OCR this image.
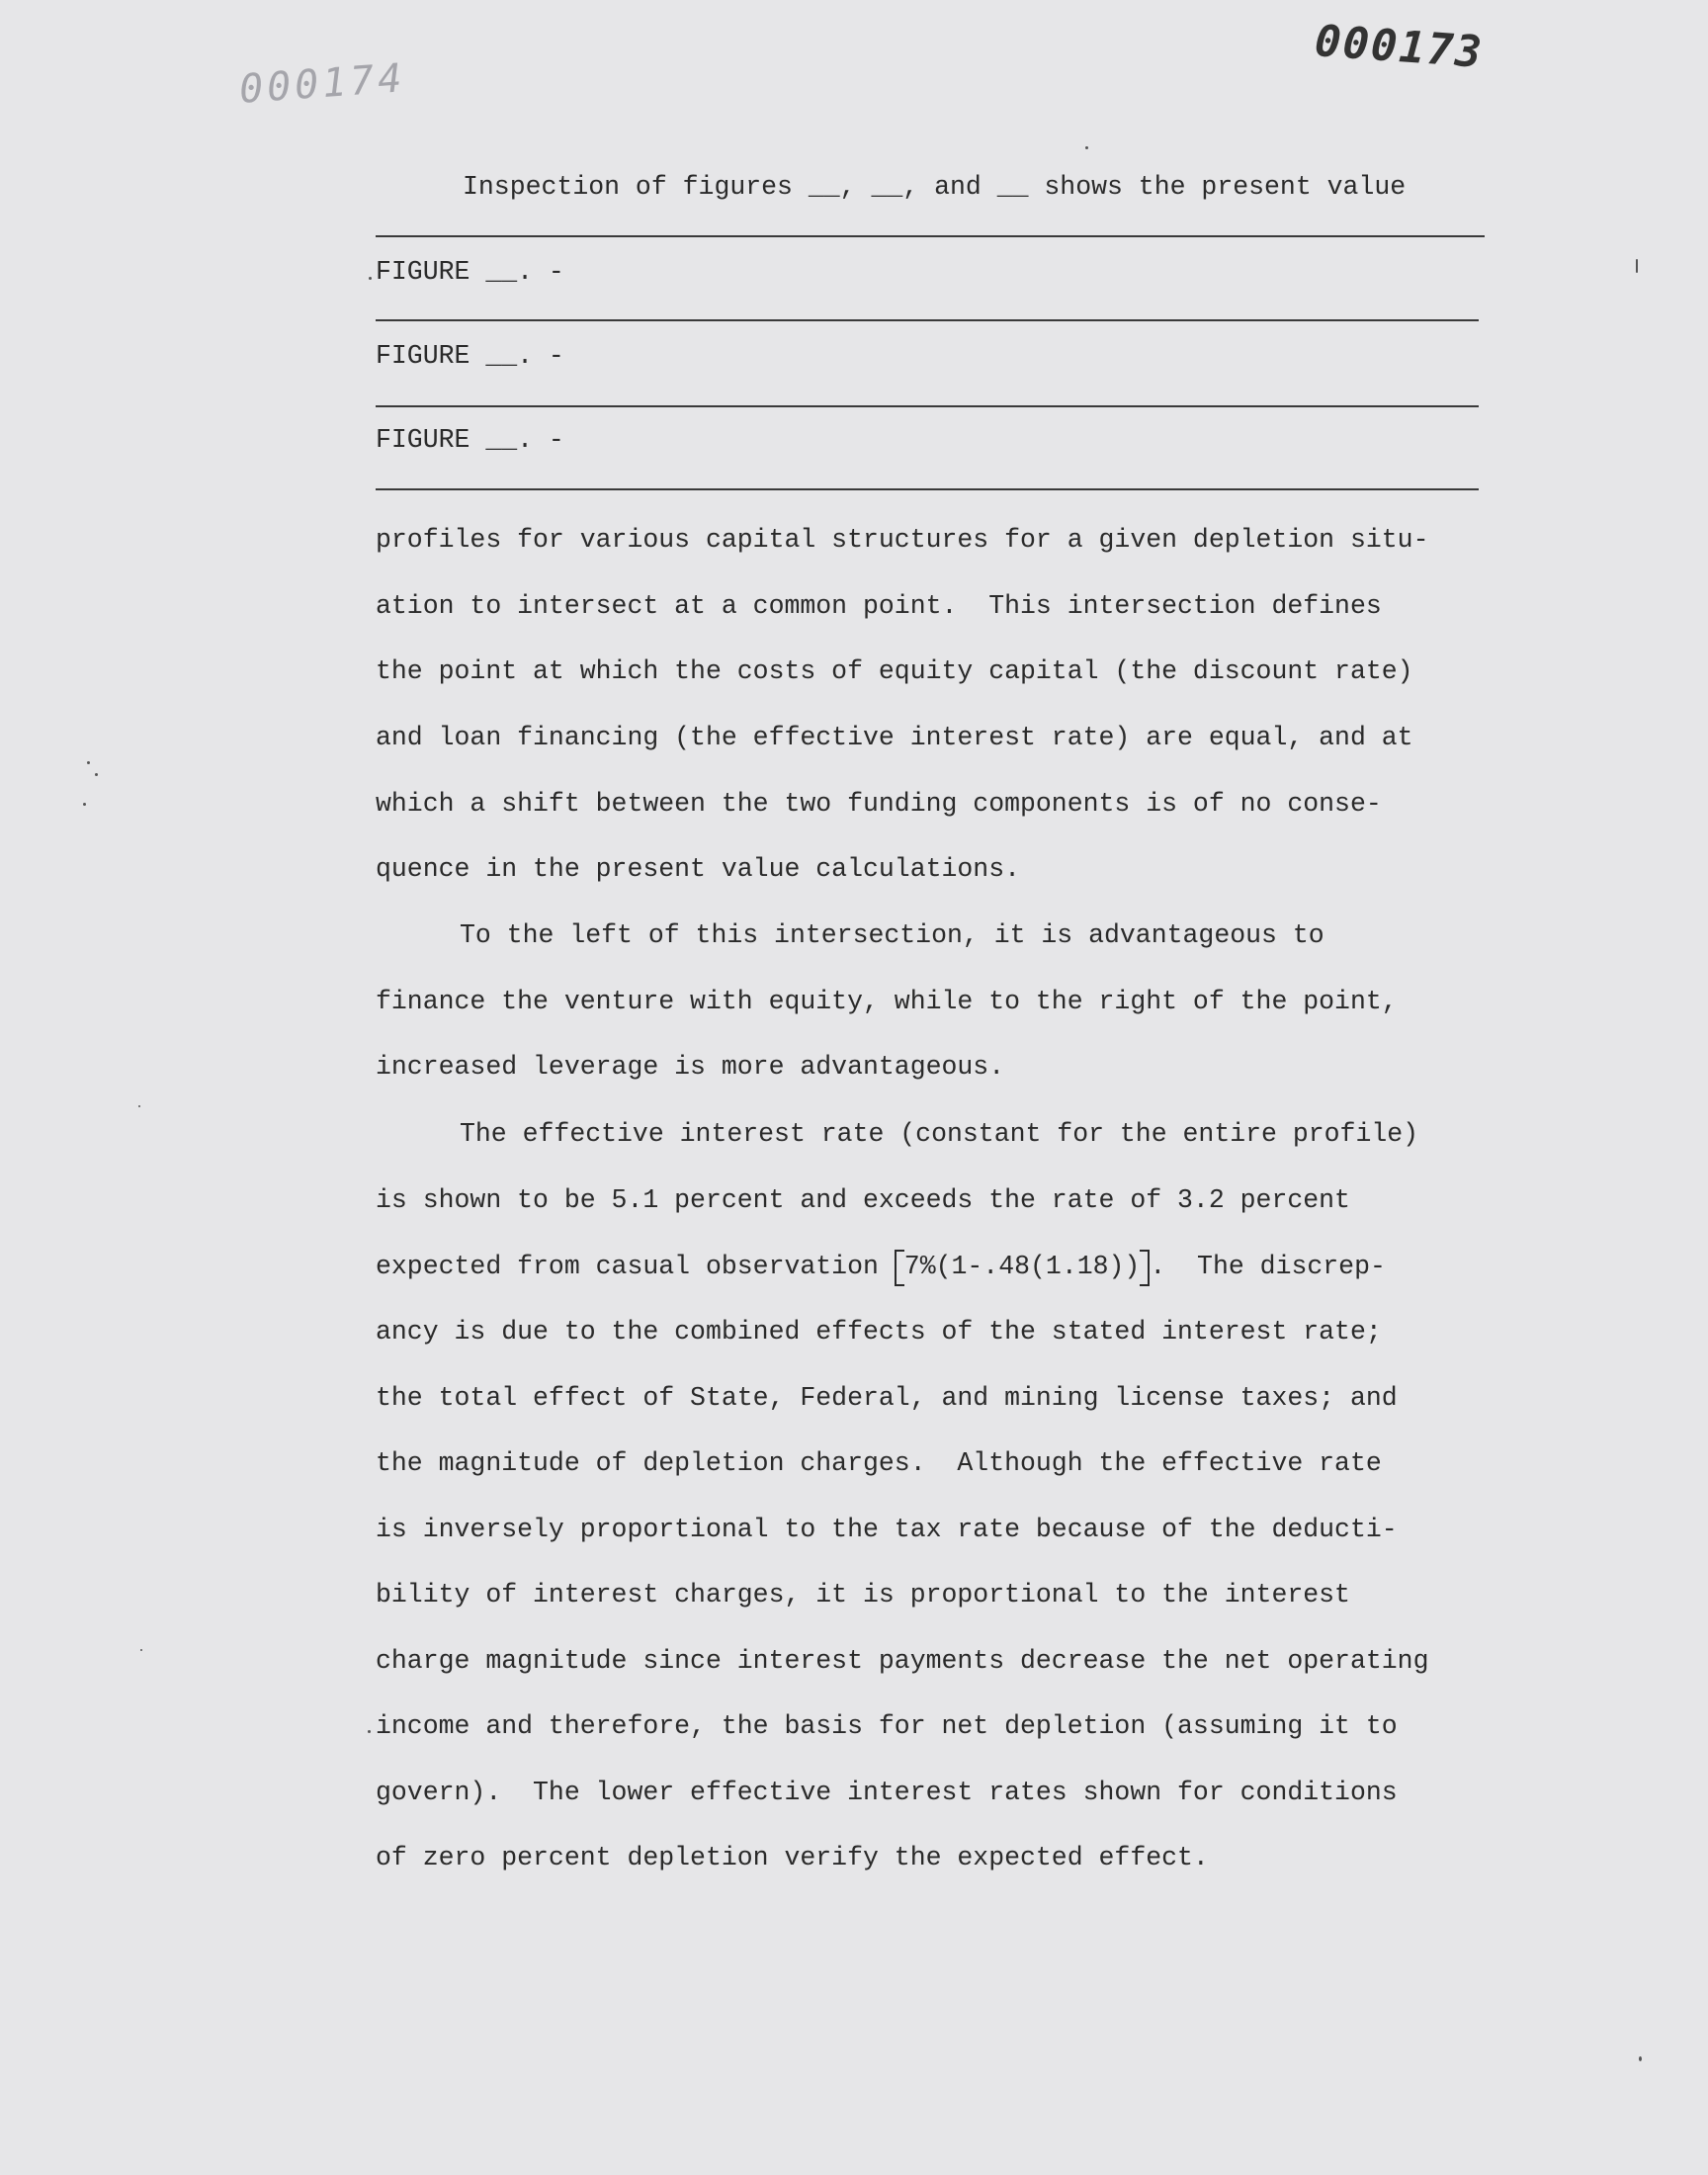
000173
000174
Inspection of figures __, __, and __ shows the present value
FIGURE __. -
FIGURE __. -
FIGURE __. -
profiles for various capital structures for a given depletion situ-
ation to intersect at a common point.  This intersection defines
the point at which the costs of equity capital (the discount rate)
and loan financing (the effective interest rate) are equal, and at
which a shift between the two funding components is of no conse-
quence in the present value calculations.
To the left of this intersection, it is advantageous to
finance the venture with equity, while to the right of the point,
increased leverage is more advantageous.
The effective interest rate (constant for the entire profile)
is shown to be 5.1 percent and exceeds the rate of 3.2 percent
expected from casual observation
7%(1-.48(1.18)) .  The discrep-
ancy is due to the combined effects of the stated interest rate;
the total effect of State, Federal, and mining license taxes; and
the magnitude of depletion charges.  Although the effective rate
is inversely proportional to the tax rate because of the deducti-
bility of interest charges, it is proportional to the interest
charge magnitude since interest payments decrease the net operating
income and therefore, the basis for net depletion (assuming it to
govern).  The lower effective interest rates shown for conditions
of zero percent depletion verify the expected effect.
